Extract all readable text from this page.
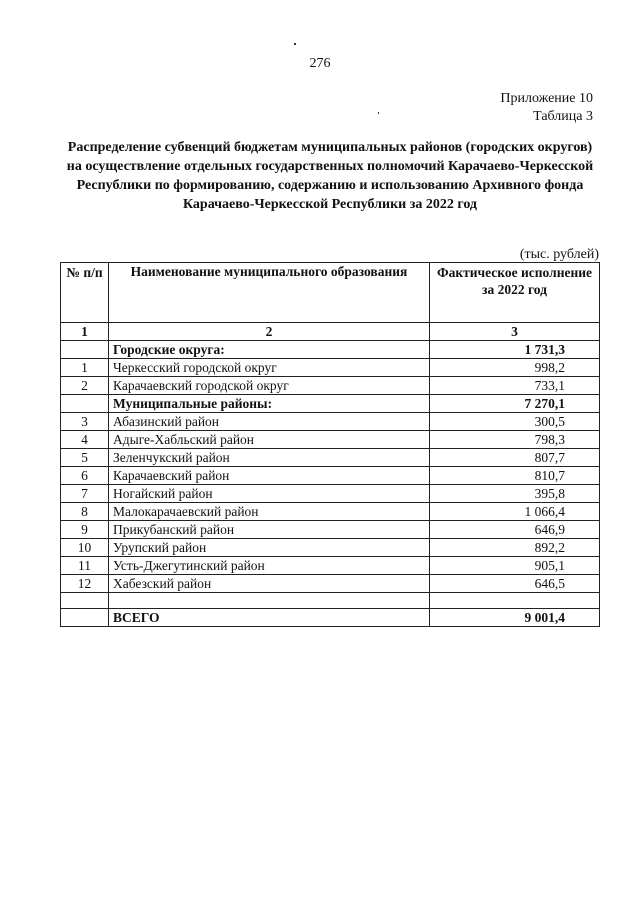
276
Приложение 10
Таблица 3
Распределение субвенций бюджетам муниципальных районов (городских округов) на осуществление отдельных государственных полномочий Карачаево-Черкесской Республики по формированию, содержанию и использованию Архивного фонда Карачаево-Черкесской Республики за 2022 год
(тыс. рублей)
№ п/п	Наименование муниципального образования	Фактическое исполнение за 2022 год
1	2	3
	Городские округа:	1 731,3
1	Черкесский городской округ	998,2
2	Карачаевский городской округ	733,1
	Муниципальные районы:	7 270,1
3	Абазинский район	300,5
4	Адыге-Хабльский район	798,3
5	Зеленчукский район	807,7
6	Карачаевский район	810,7
7	Ногайский район	395,8
8	Малокарачаевский район	1 066,4
9	Прикубанский район	646,9
10	Урупский район	892,2
11	Усть-Джегутинский район	905,1
12	Хабезский район	646,5

	ВСЕГО	9 001,4
